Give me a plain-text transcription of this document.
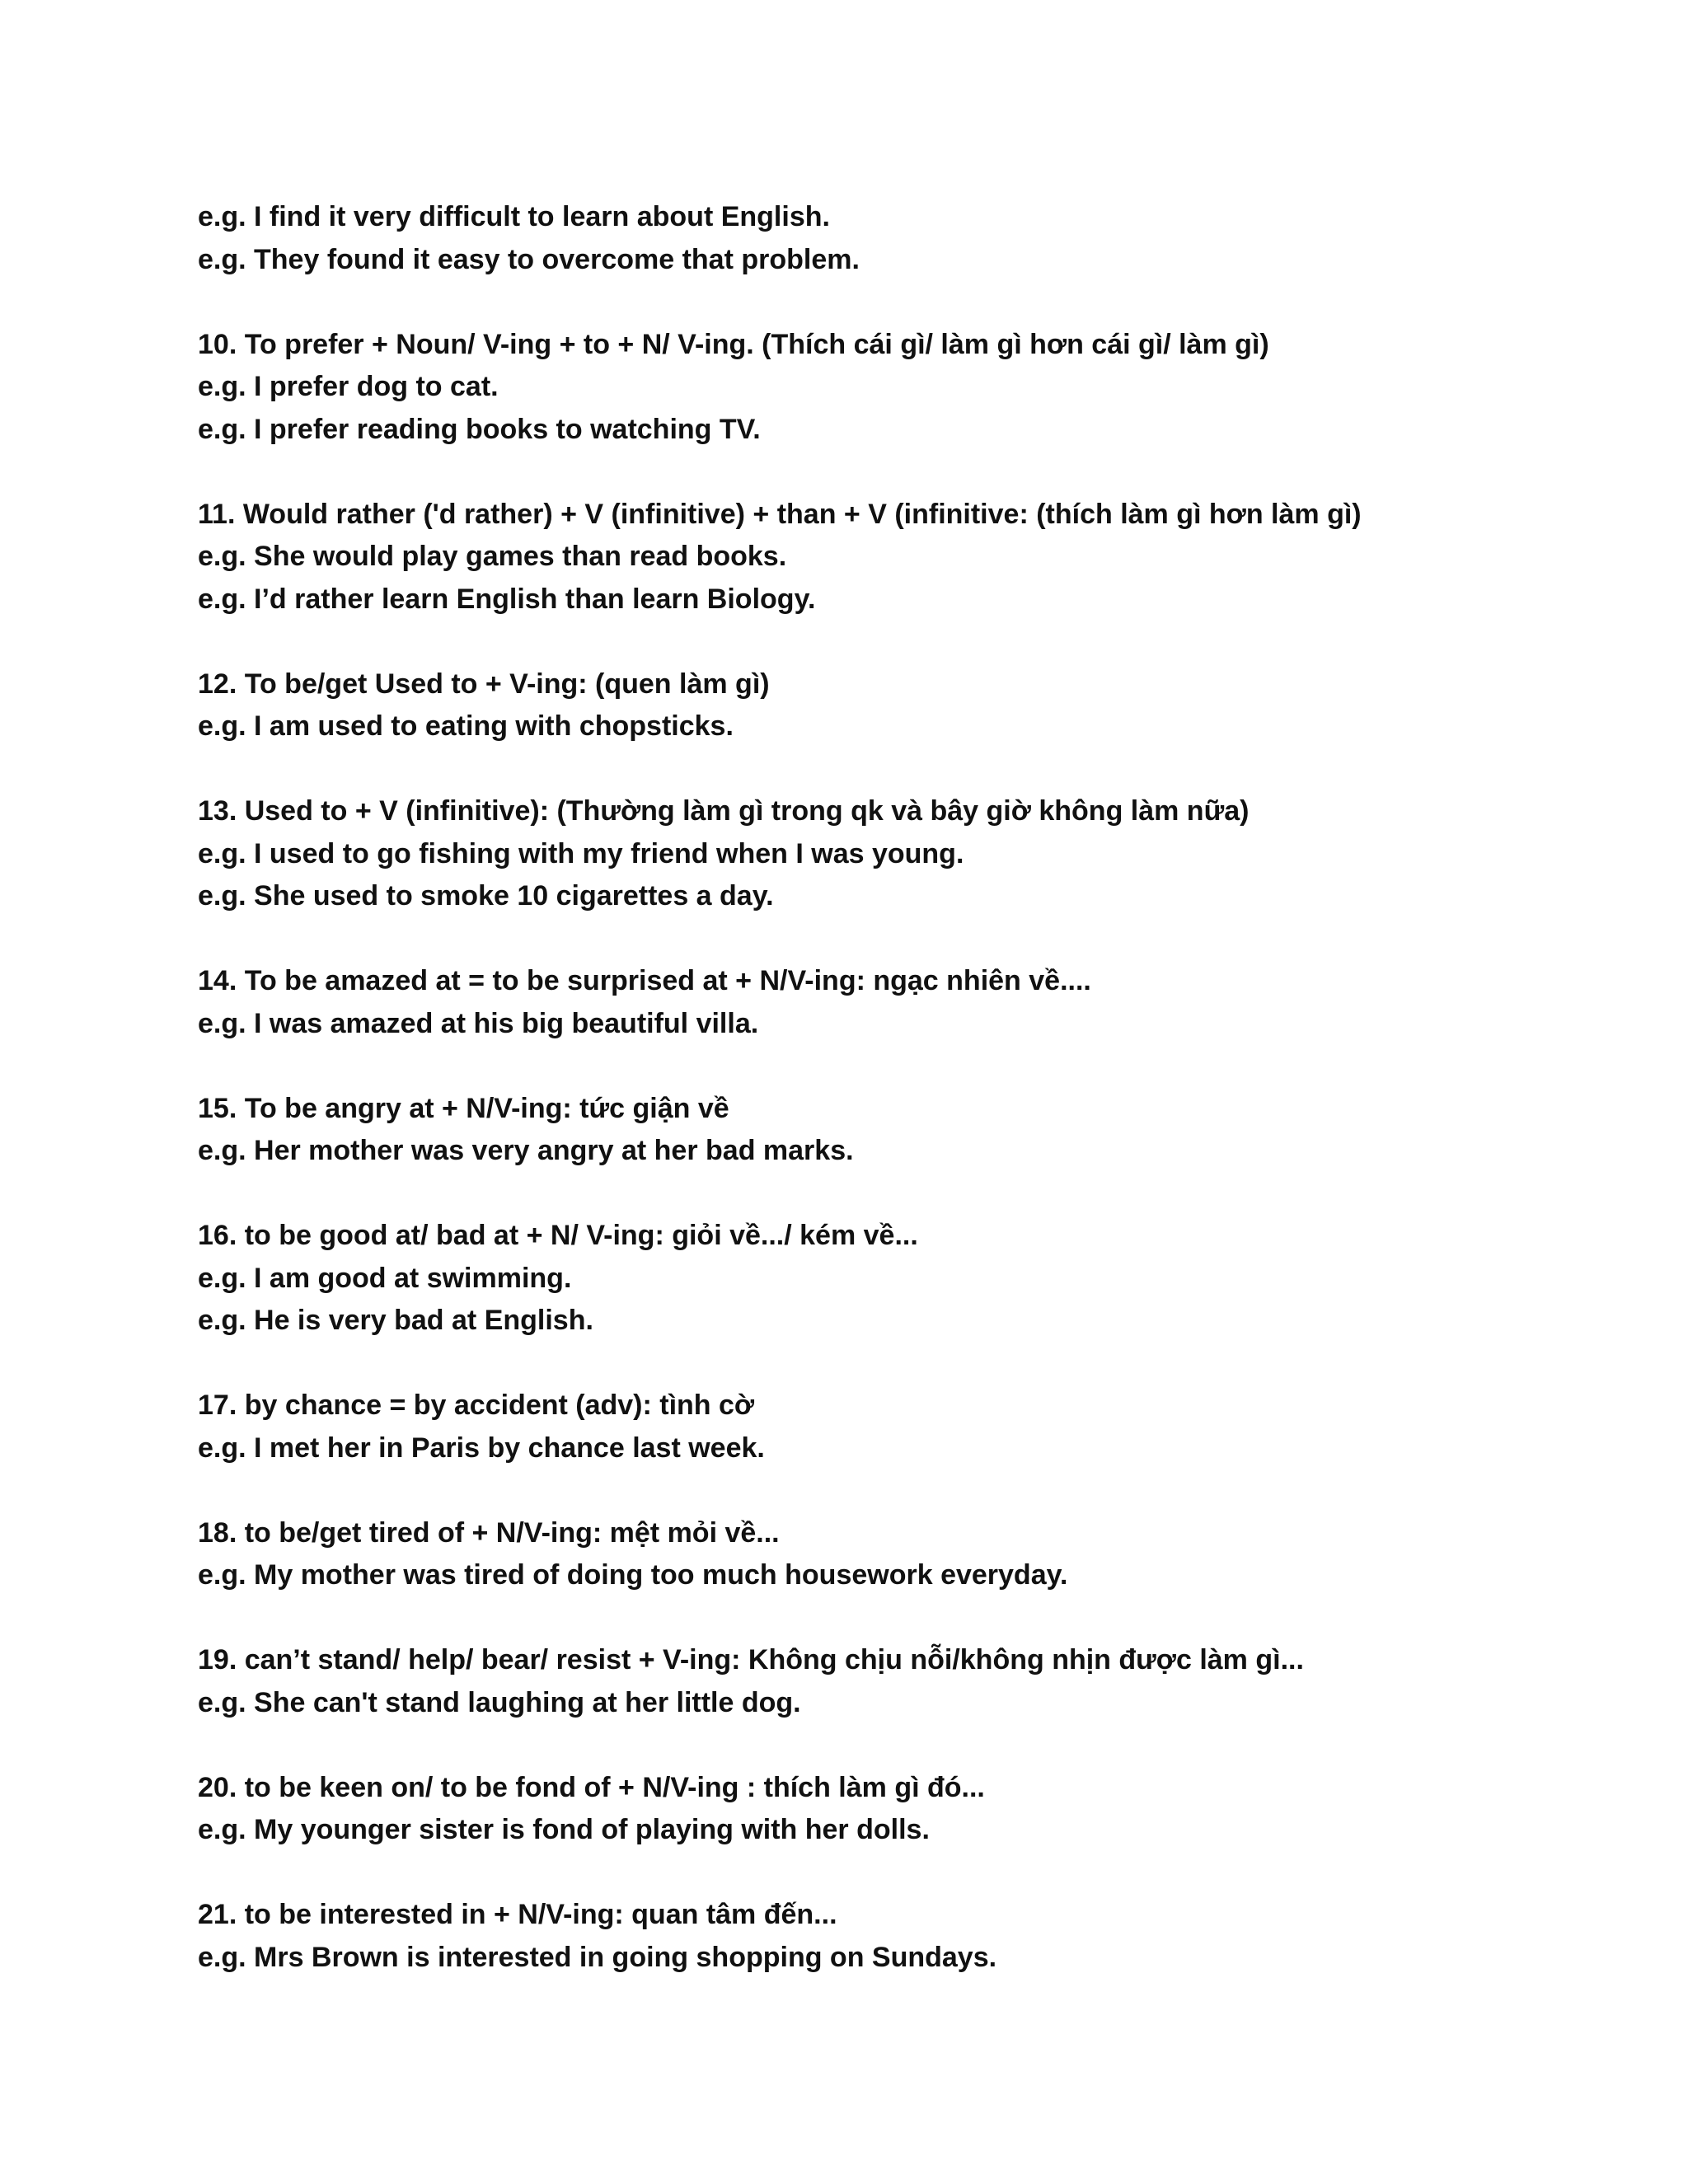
e.g. I find it very difficult to learn about English.
e.g. They found it easy to overcome that problem.
10. To prefer + Noun/ V-ing + to + N/ V-ing. (Thích cái gì/ làm gì hơn cái gì/ làm gì)
e.g. I prefer dog to cat.
e.g. I prefer reading books to watching TV.
11. Would rather ('d rather) + V (infinitive) + than + V (infinitive: (thích làm gì hơn làm gì)
e.g. She would play games than read books.
e.g. I’d rather learn English than learn Biology.
12. To be/get Used to + V-ing: (quen làm gì)
e.g. I am used to eating with chopsticks.
13. Used to + V (infinitive): (Thường làm gì trong qk và bây giờ không làm nữa)
e.g. I used to go fishing with my friend when I was young.
e.g. She used to smoke 10 cigarettes a day.
14. To be amazed at = to be surprised at + N/V-ing: ngạc nhiên về....
e.g. I was amazed at his big beautiful villa.
15. To be angry at + N/V-ing: tức giận về
e.g. Her mother was very angry at her bad marks.
16. to be good at/ bad at + N/ V-ing: giỏi về.../ kém về...
e.g. I am good at swimming.
e.g. He is very bad at English.
17. by chance = by accident (adv): tình cờ
e.g. I met her in Paris by chance last week.
18. to be/get tired of + N/V-ing: mệt mỏi về...
e.g. My mother was tired of doing too much housework everyday.
19. can’t stand/ help/ bear/ resist + V-ing: Không chịu nỗi/không nhịn được làm gì...
e.g. She can't stand laughing at her little dog.
20. to be keen on/ to be fond of + N/V-ing : thích làm gì đó...
e.g. My younger sister is fond of playing with her dolls.
21. to be interested in + N/V-ing: quan tâm đến...
e.g. Mrs Brown is interested in going shopping on Sundays.
